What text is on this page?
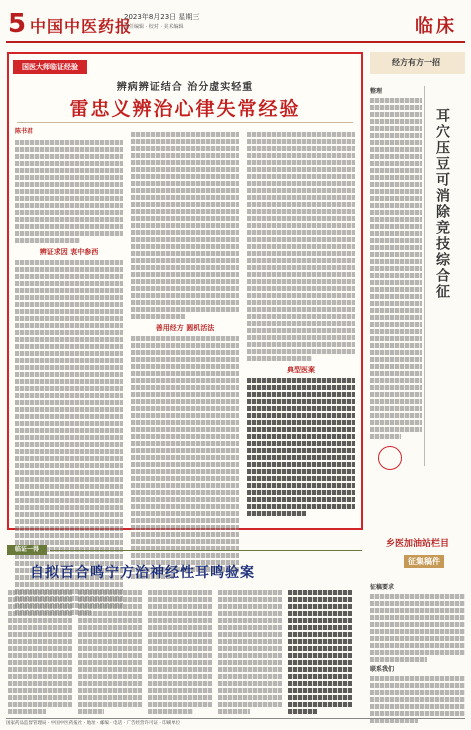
5 中国中医药报
2023年8月23日 星期三
责任编辑 · 校对 · 美术编辑	临床
国医大师临证经验
辨病辨证结合 治分虚实轻重
雷忠义辨治心律失常经验
陈书君
辨证求因 衷中参西
善用经方 圆机活法
典型医案
经方有方一招
整理
耳穴压豆可消除竞技综合征
乡医加油站栏目
征集稿件
征稿要求
联系我们
临证一得
自拟百合鸣宁方治神经性耳鸣验案
国家药品监督管理局 · 中国中医药报社 · 地址 · 邮编 · 电话 · 广告经营许可证 · 印刷单位
